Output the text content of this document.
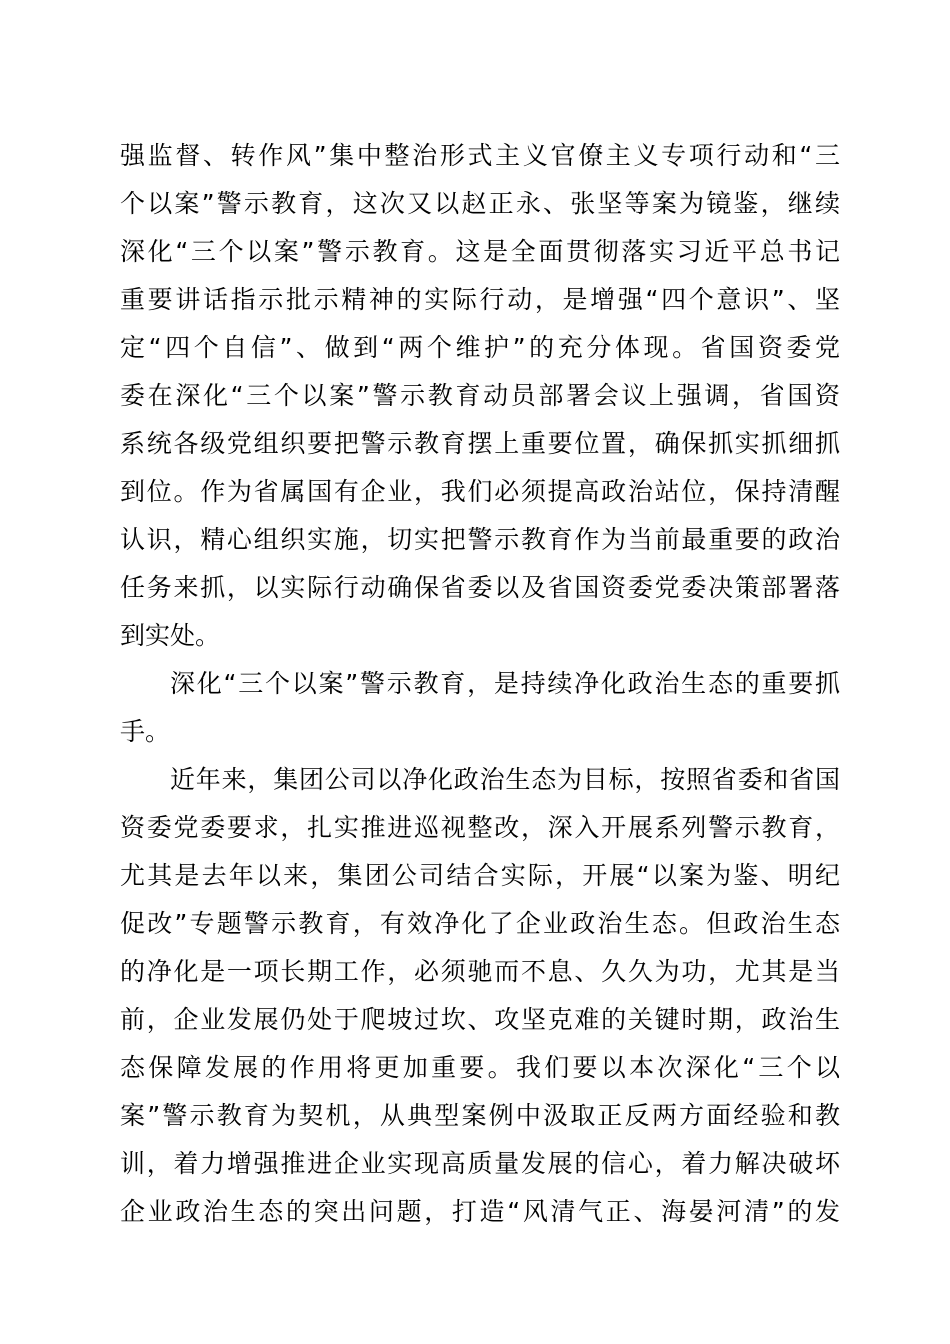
强监督、转作风”集中整治形式主义官僚主义专项行动和“三
个以案”警示教育，这次又以赵正永、张坚等案为镜鉴，继续
深化“三个以案”警示教育。这是全面贯彻落实习近平总书记
重要讲话指示批示精神的实际行动，是增强“四个意识”、坚
定“四个自信”、做到“两个维护”的充分体现。省国资委党
委在深化“三个以案”警示教育动员部署会议上强调，省国资
系统各级党组织要把警示教育摆上重要位置，确保抓实抓细抓
到位。作为省属国有企业，我们必须提高政治站位，保持清醒
认识，精心组织实施，切实把警示教育作为当前最重要的政治
任务来抓，以实际行动确保省委以及省国资委党委决策部署落
到实处。
深化“三个以案”警示教育，是持续净化政治生态的重要抓
手。
近年来，集团公司以净化政治生态为目标，按照省委和省国
资委党委要求，扎实推进巡视整改，深入开展系列警示教育，
尤其是去年以来，集团公司结合实际，开展“以案为鉴、明纪
促改”专题警示教育，有效净化了企业政治生态。但政治生态
的净化是一项长期工作，必须驰而不息、久久为功，尤其是当
前，企业发展仍处于爬坡过坎、攻坚克难的关键时期，政治生
态保障发展的作用将更加重要。我们要以本次深化“三个以
案”警示教育为契机，从典型案例中汲取正反两方面经验和教
训，着力增强推进企业实现高质量发展的信心，着力解决破坏
企业政治生态的突出问题，打造“风清气正、海晏河清”的发
